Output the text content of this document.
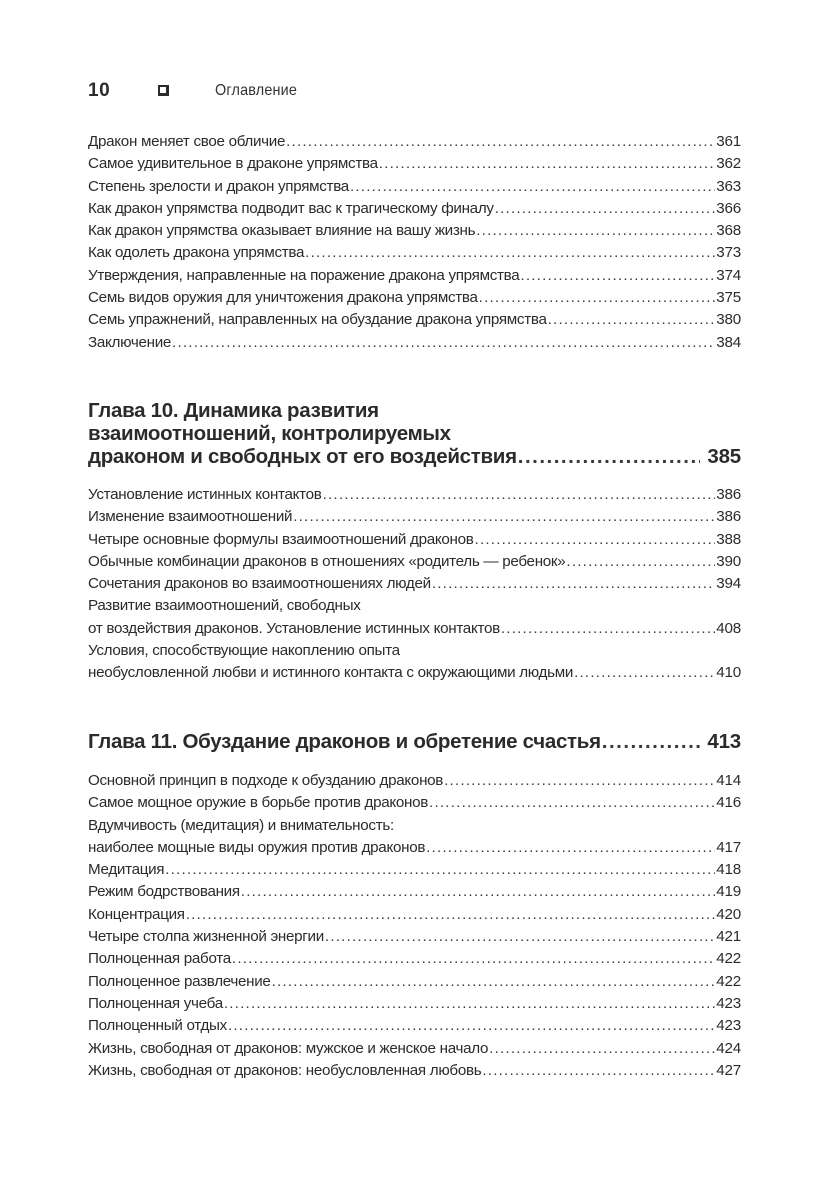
10	Оглавление
Дракон меняет свое обличие .....	361
Самое удивительное в драконе упрямства .....	362
Степень зрелости и дракон упрямства .....	363
Как дракон упрямства подводит вас к трагическому финалу .....	366
Как дракон упрямства оказывает влияние на вашу жизнь .....	368
Как одолеть дракона упрямства .....	373
Утверждения, направленные на поражение дракона упрямства .....	374
Семь видов оружия для уничтожения дракона упрямства .....	375
Семь упражнений, направленных на обуздание дракона упрямства .....	380
Заключение .....	384
Глава 10. Динамика развития
взаимоотношений, контролируемых
драконом и свободных от его воздействия .....	385
Установление истинных контактов .....	386
Изменение взаимоотношений .....	386
Четыре основные формулы взаимоотношений драконов .....	388
Обычные комбинации драконов в отношениях «родитель — ребенок» .....	390
Сочетания драконов во взаимоотношениях людей .....	394
Развитие взаимоотношений, свободных
от воздействия драконов. Установление истинных контактов .....	408
Условия, способствующие накоплению опыта
необусловленной любви и истинного контакта с окружающими людьми .....	410
Глава 11. Обуздание драконов и обретение счастья .....	413
Основной принцип в подходе к обузданию драконов .....	414
Самое мощное оружие в борьбе против драконов .....	416
Вдумчивость (медитация) и внимательность:
наиболее мощные виды оружия против драконов .....	417
Медитация .....	418
Режим бодрствования .....	419
Концентрация .....	420
Четыре столпа жизненной энергии .....	421
Полноценная работа .....	422
Полноценное развлечение .....	422
Полноценная учеба .....	423
Полноценный отдых .....	423
Жизнь, свободная от драконов: мужское и женское начало .....	424
Жизнь, свободная от драконов: необусловленная любовь .....	427
